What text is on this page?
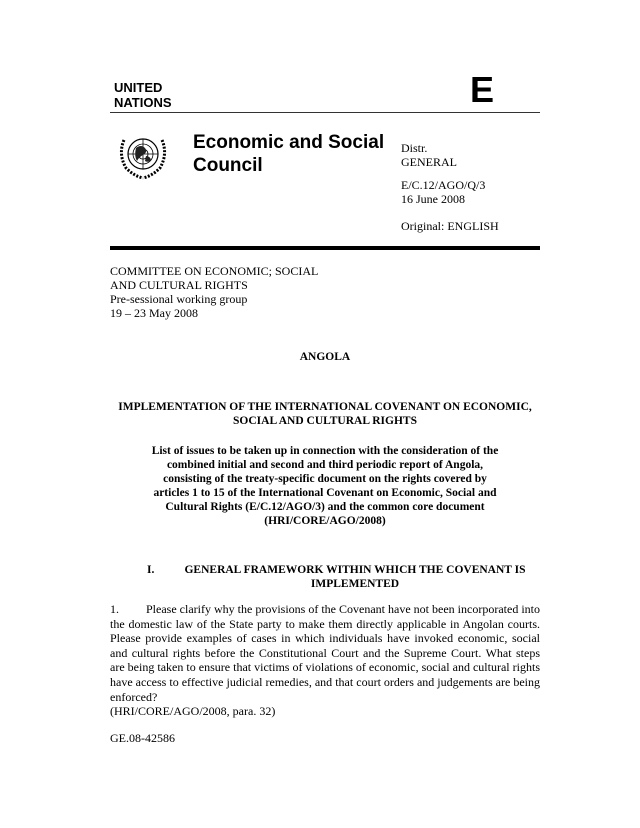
UNITED
NATIONS	E
Economic and Social
Council
Distr.
GENERAL
E/C.12/AGO/Q/3
16 June 2008
Original: ENGLISH
COMMITTEE ON ECONOMIC; SOCIAL
AND CULTURAL RIGHTS
Pre-sessional working group
19 – 23 May 2008
ANGOLA
IMPLEMENTATION OF THE INTERNATIONAL COVENANT ON ECONOMIC,
SOCIAL AND CULTURAL RIGHTS
List of issues to be taken up in connection with the consideration of the
combined initial and second and third periodic report of Angola,
consisting of the treaty-specific document on the rights covered by
articles 1 to 15 of the International Covenant on Economic, Social and
Cultural Rights (E/C.12/AGO/3) and the common core document
(HRI/CORE/AGO/2008)
I.	GENERAL FRAMEWORK WITHIN WHICH THE COVENANT IS
IMPLEMENTED
1. Please clarify why the provisions of the Covenant have not been incorporated into the domestic law of the State party to make them directly applicable in Angolan courts. Please provide examples of cases in which individuals have invoked economic, social and cultural rights before the Constitutional Court and the Supreme Court. What steps are being taken to ensure that victims of violations of economic, social and cultural rights have access to effective judicial remedies, and that court orders and judgements are being enforced?
(HRI/CORE/AGO/2008, para. 32)
GE.08-42586
